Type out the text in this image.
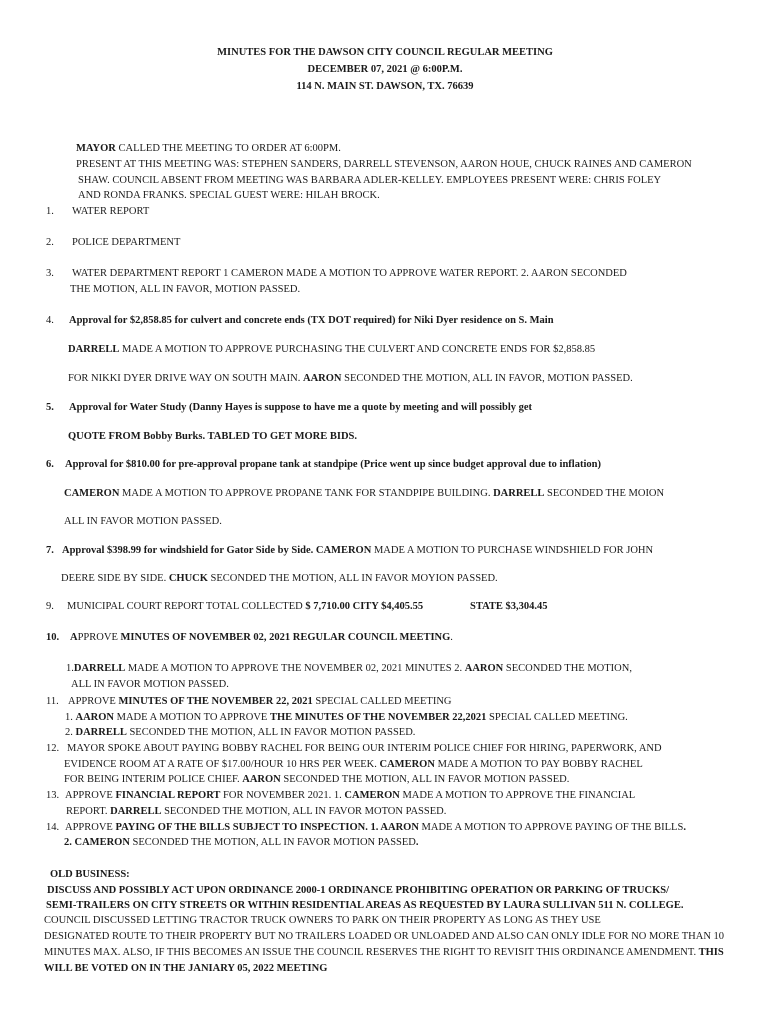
MINUTES FOR THE DAWSON CITY COUNCIL REGULAR MEETING
DECEMBER 07, 2021 @ 6:00P.M.
114 N. MAIN ST. DAWSON, TX. 76639
MAYOR CALLED THE MEETING TO ORDER AT 6:00PM.
PRESENT AT THIS MEETING WAS: STEPHEN SANDERS, DARRELL STEVENSON, AARON HOUE, CHUCK RAINES AND CAMERON
SHAW. COUNCIL ABSENT FROM MEETING WAS BARBARA ADLER-KELLEY. EMPLOYEES PRESENT WERE: CHRIS FOLEY
AND RONDA FRANKS. SPECIAL GUEST WERE: HILAH BROCK.
1. WATER REPORT
2. POLICE DEPARTMENT
3. WATER DEPARTMENT REPORT 1 CAMERON MADE A MOTION TO APPROVE WATER REPORT. 2. AARON SECONDED
THE MOTION, ALL IN FAVOR, MOTION PASSED.
4. Approval for $2,858.85 for culvert and concrete ends (TX DOT required) for Niki Dyer residence on S. Main
DARRELL MADE A MOTION TO APPROVE PURCHASING THE CULVERT AND CONCRETE ENDS FOR $2,858.85
FOR NIKKI DYER DRIVE WAY ON SOUTH MAIN. AARON SECONDED THE MOTION, ALL IN FAVOR, MOTION PASSED.
5. Approval for Water Study (Danny Hayes is suppose to have me a quote by meeting and will possibly get
QUOTE FROM Bobby Burks. TABLED TO GET MORE BIDS.
6. Approval for $810.00 for pre-approval propane tank at standpipe (Price went up since budget approval due to inflation)
CAMERON MADE A MOTION TO APPROVE PROPANE TANK FOR STANDPIPE BUILDING. DARRELL SECONDED THE MOION
ALL IN FAVOR MOTION PASSED.
7. Approval $398.99 for windshield for Gator Side by Side. CAMERON MADE A MOTION TO PURCHASE WINDSHIELD FOR JOHN
DEERE SIDE BY SIDE. CHUCK SECONDED THE MOTION, ALL IN FAVOR MOYION PASSED.
9. MUNICIPAL COURT REPORT TOTAL COLLECTED $ 7,710.00 CITY $4,405.55	STATE $3,304.45
10. APPROVE MINUTES OF NOVEMBER 02, 2021 REGULAR COUNCIL MEETING.
1.DARRELL MADE A MOTION TO APPROVE THE NOVEMBER 02, 2021 MINUTES 2. AARON SECONDED THE MOTION,
ALL IN FAVOR MOTION PASSED.
11. APPROVE MINUTES OF THE NOVEMBER 22, 2021 SPECIAL CALLED MEETING
1. AARON MADE A MOTION TO APPROVE THE MINUTES OF THE NOVEMBER 22,2021 SPECIAL CALLED MEETING.
2. DARRELL SECONDED THE MOTION, ALL IN FAVOR MOTION PASSED.
12. MAYOR SPOKE ABOUT PAYING BOBBY RACHEL FOR BEING OUR INTERIM POLICE CHIEF FOR HIRING, PAPERWORK, AND
EVIDENCE ROOM AT A RATE OF $17.00/HOUR 10 HRS PER WEEK. CAMERON MADE A MOTION TO PAY BOBBY RACHEL
FOR BEING INTERIM POLICE CHIEF. AARON SECONDED THE MOTION, ALL IN FAVOR MOTION PASSED.
13. APPROVE FINANCIAL REPORT FOR NOVEMBER 2021. 1. CAMERON MADE A MOTION TO APPROVE THE FINANCIAL
REPORT. DARRELL SECONDED THE MOTION, ALL IN FAVOR MOTON PASSED.
14. APPROVE PAYING OF THE BILLS SUBJECT TO INSPECTION. 1. AARON MADE A MOTION TO APPROVE PAYING OF THE BILLS.
2. CAMERON SECONDED THE MOTION, ALL IN FAVOR MOTION PASSED.
OLD BUSINESS:
DISCUSS AND POSSIBLY ACT UPON ORDINANCE 2000-1 ORDINANCE PROHIBITING OPERATION OR PARKING OF TRUCKS/
SEMI-TRAILERS ON CITY STREETS OR WITHIN RESIDENTIAL AREAS AS REQUESTED BY LAURA SULLIVAN 511 N. COLLEGE.
COUNCIL DISCUSSED LETTING TRACTOR TRUCK OWNERS TO PARK ON THEIR PROPERTY AS LONG AS THEY USE
DESIGNATED ROUTE TO THEIR PROPERTY BUT NO TRAILERS LOADED OR UNLOADED AND ALSO CAN ONLY IDLE FOR NO MORE THAN 10
MINUTES MAX. ALSO, IF THIS BECOMES AN ISSUE THE COUNCIL RESERVES THE RIGHT TO REVISIT THIS ORDINANCE AMENDMENT. THIS
WILL BE VOTED ON IN THE JANIARY 05, 2022 MEETING
